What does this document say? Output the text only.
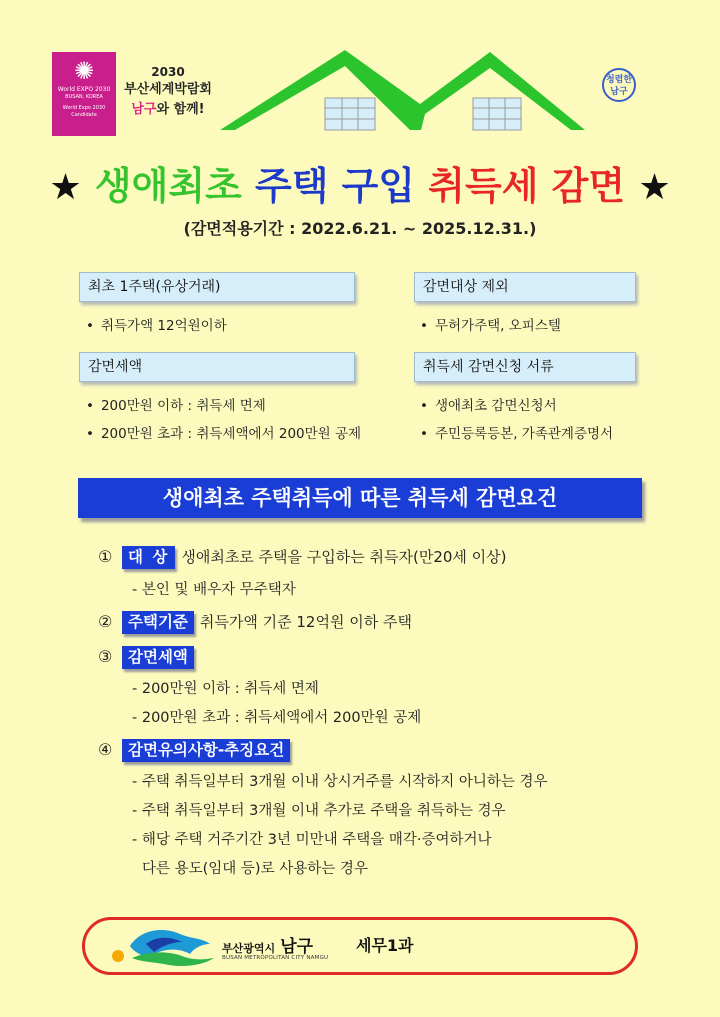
✺
World EXPO 2030
BUSAN, KOREA
World Expo 2030 Candidate
2030
부산세계박람회
남구와 함께!
청렴한 남구
★ 생애최초 주택 구입 취득세 감면 ★
(감면적용기간 : 2022.6.21. ~ 2025.12.31.)
최초 1주택(유상거래)
• 취득가액 12억원이하
감면세액
• 200만원 이하 : 취득세 면제
• 200만원 초과 : 취득세액에서 200만원 공제
감면대상 제외
• 무허가주택, 오피스텔
취득세 감면신청 서류
• 생애최초 감면신청서
• 주민등록등본, 가족관계증명서
생애최초 주택취득에 따른 취득세 감면요건
① 대 상 생애최초로 주택을 구입하는 취득자(만20세 이상)
- 본인 및 배우자 무주택자
② 주택기준 취득가액 기준 12억원 이하 주택
③ 감면세액
- 200만원 이하 : 취득세 면제
- 200만원 초과 : 취득세액에서 200만원 공제
④ 감면유의사항-추징요건
- 주택 취득일부터 3개월 이내 상시거주를 시작하지 아니하는 경우
- 주택 취득일부터 3개월 이내 추가로 주택을 취득하는 경우
- 해당 주택 거주기간 3년 미만내 주택을 매각·증여하거나
다른 용도(임대 등)로 사용하는 경우
부산광역시 남구
BUSAN METROPOLITAN CITY NAMGU
세무1과
